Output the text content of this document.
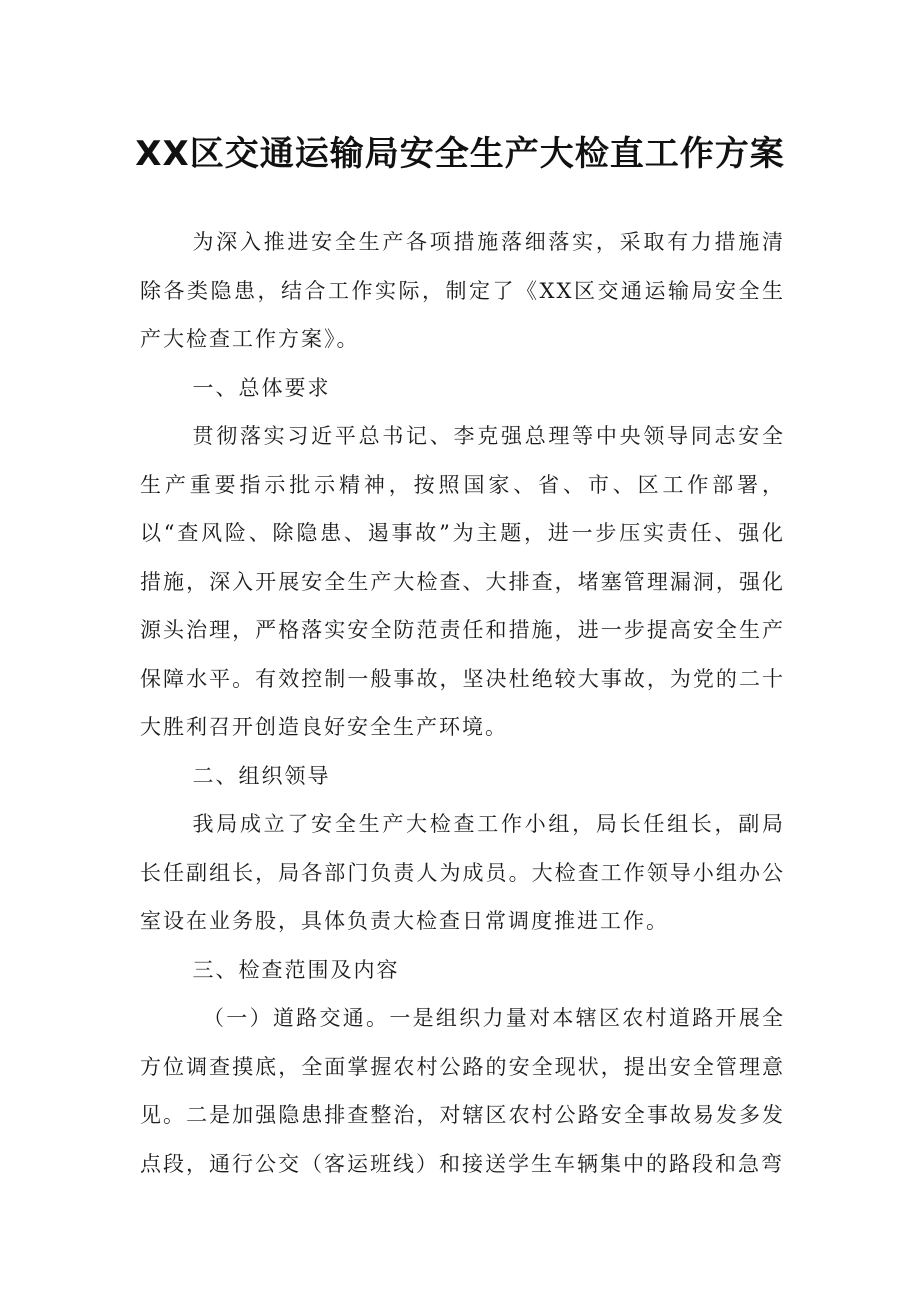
XX区交通运输局安全生产大检直工作方案

为深入推进安全生产各项措施落细落实，采取有力措施清除各类隐患，结合工作实际，制定了《XX区交通运输局安全生产大检查工作方案》。

一、总体要求

贯彻落实习近平总书记、李克强总理等中央领导同志安全生产重要指示批示精神，按照国家、省、市、区工作部署，以“查风险、除隐患、遏事故”为主题，进一步压实责任、强化措施，深入开展安全生产大检查、大排查，堵塞管理漏洞，强化源头治理，严格落实安全防范责任和措施，进一步提高安全生产保障水平。有效控制一般事故，坚决杜绝较大事故，为党的二十大胜利召开创造良好安全生产环境。

二、组织领导

我局成立了安全生产大检查工作小组，局长任组长，副局长任副组长，局各部门负责人为成员。大检查工作领导小组办公室设在业务股，具体负责大检查日常调度推进工作。

三、检查范围及内容

（一）道路交通。一是组织力量对本辖区农村道路开展全方位调查摸底，全面掌握农村公路的安全现状，提出安全管理意见。二是加强隐患排查整治，对辖区农村公路安全事故易发多发点段，通行公交（客运班线）和接送学生车辆集中的路段和急弯
